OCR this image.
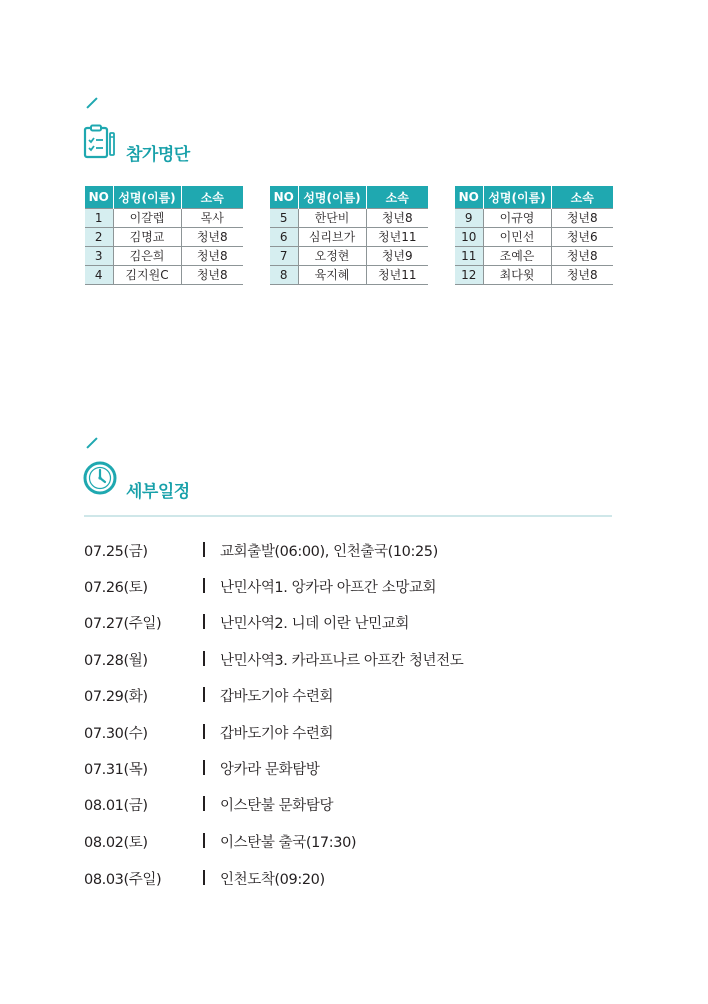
참가명단
NO	성명(이름)	소속
1	이갈렙	목사
2	김명교	청년8
3	김은희	청년8
4	김지원C	청년8
NO	성명(이름)	소속
5	한단비	청년8
6	심리브가	청년11
7	오정현	청년9
8	육지혜	청년11
NO	성명(이름)	소속
9	이규영	청년8
10	이민선	청년6
11	조예은	청년8
12	최다윗	청년8
세부일정
07.25(금)	교회출발(06:00), 인천출국(10:25)
07.26(토)	난민사역1. 앙카라 아프간 소망교회
07.27(주일)	난민사역2. 니데 이란 난민교회
07.28(월)	난민사역3. 카라프나르 아프칸 청년전도
07.29(화)	갑바도기야 수련회
07.30(수)	갑바도기야 수련회
07.31(목)	앙카라 문화탐방
08.01(금)	이스탄불 문화탐당
08.02(토)	이스탄불 출국(17:30)
08.03(주일)	인천도착(09:20)
